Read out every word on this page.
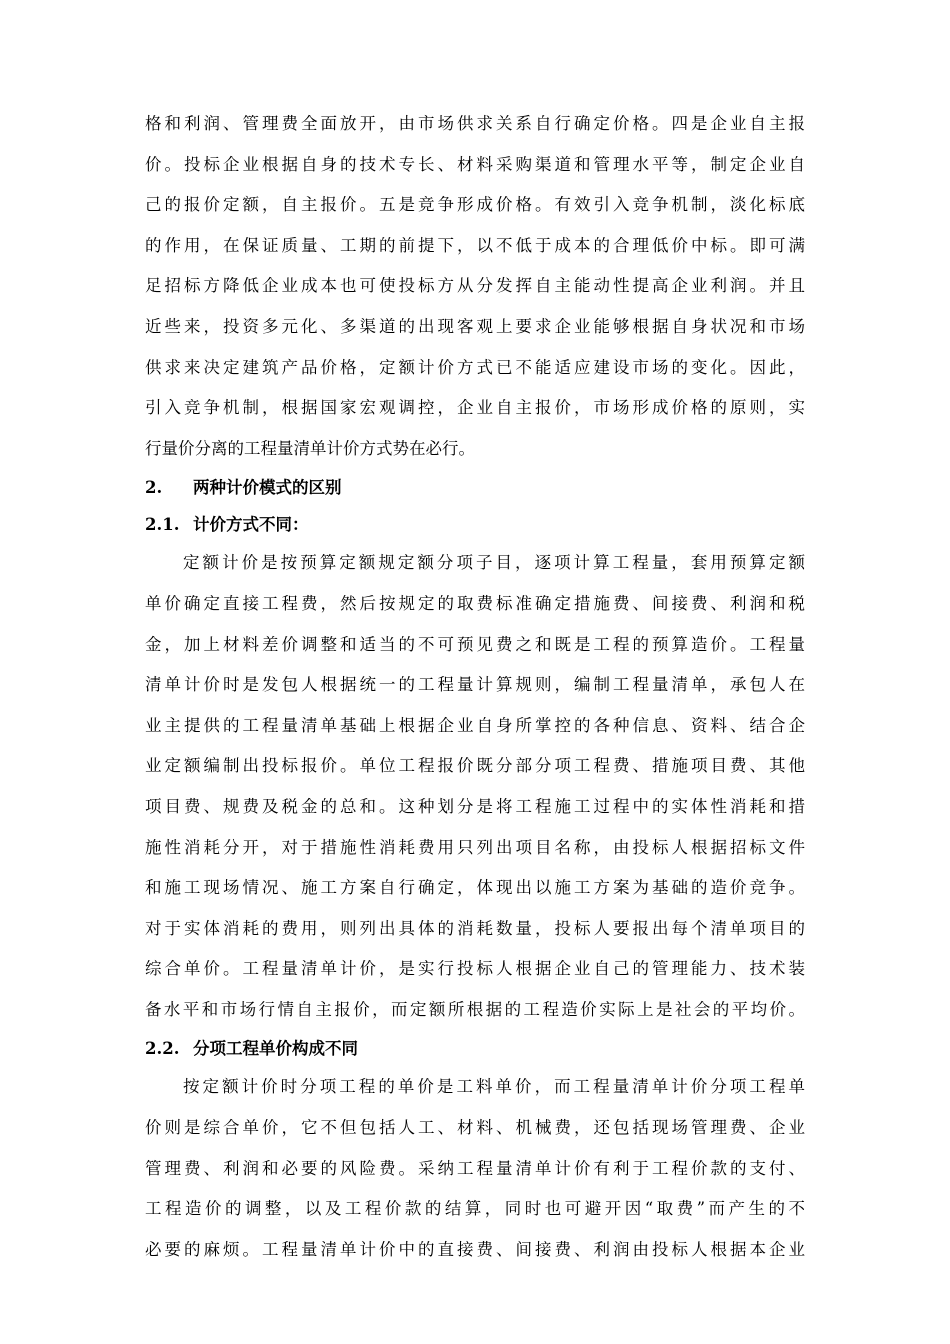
格和利润、管理费全面放开，由市场供求关系自行确定价格。四是企业自主报
价。投标企业根据自身的技术专长、材料采购渠道和管理水平等，制定企业自
己的报价定额，自主报价。五是竞争形成价格。有效引入竞争机制，淡化标底
的作用，在保证质量、工期的前提下，以不低于成本的合理低价中标。即可满
足招标方降低企业成本也可使投标方从分发挥自主能动性提高企业利润。并且
近些来，投资多元化、多渠道的出现客观上要求企业能够根据自身状况和市场
供求来决定建筑产品价格，定额计价方式已不能适应建设市场的变化。因此，
引入竞争机制，根据国家宏观调控，企业自主报价，市场形成价格的原则，实
行量价分离的工程量清单计价方式势在必行。
2. 两种计价模式的区别
2.1. 计价方式不同：
定额计价是按预算定额规定额分项子目，逐项计算工程量，套用预算定额
单价确定直接工程费，然后按规定的取费标准确定措施费、间接费、利润和税
金，加上材料差价调整和适当的不可预见费之和既是工程的预算造价。工程量
清单计价时是发包人根据统一的工程量计算规则，编制工程量清单，承包人在
业主提供的工程量清单基础上根据企业自身所掌控的各种信息、资料、结合企
业定额编制出投标报价。单位工程报价既分部分项工程费、措施项目费、其他
项目费、规费及税金的总和。这种划分是将工程施工过程中的实体性消耗和措
施性消耗分开，对于措施性消耗费用只列出项目名称，由投标人根据招标文件
和施工现场情况、施工方案自行确定，体现出以施工方案为基础的造价竞争。
对于实体消耗的费用，则列出具体的消耗数量，投标人要报出每个清单项目的
综合单价。工程量清单计价，是实行投标人根据企业自己的管理能力、技术装
备水平和市场行情自主报价，而定额所根据的工程造价实际上是社会的平均价。
2.2. 分项工程单价构成不同
按定额计价时分项工程的单价是工料单价，而工程量清单计价分项工程单
价则是综合单价，它不但包括人工、材料、机械费，还包括现场管理费、企业
管理费、利润和必要的风险费。采纳工程量清单计价有利于工程价款的支付、
工程造价的调整，以及工程价款的结算，同时也可避开因“取费”而产生的不
必要的麻烦。工程量清单计价中的直接费、间接费、利润由投标人根据本企业
